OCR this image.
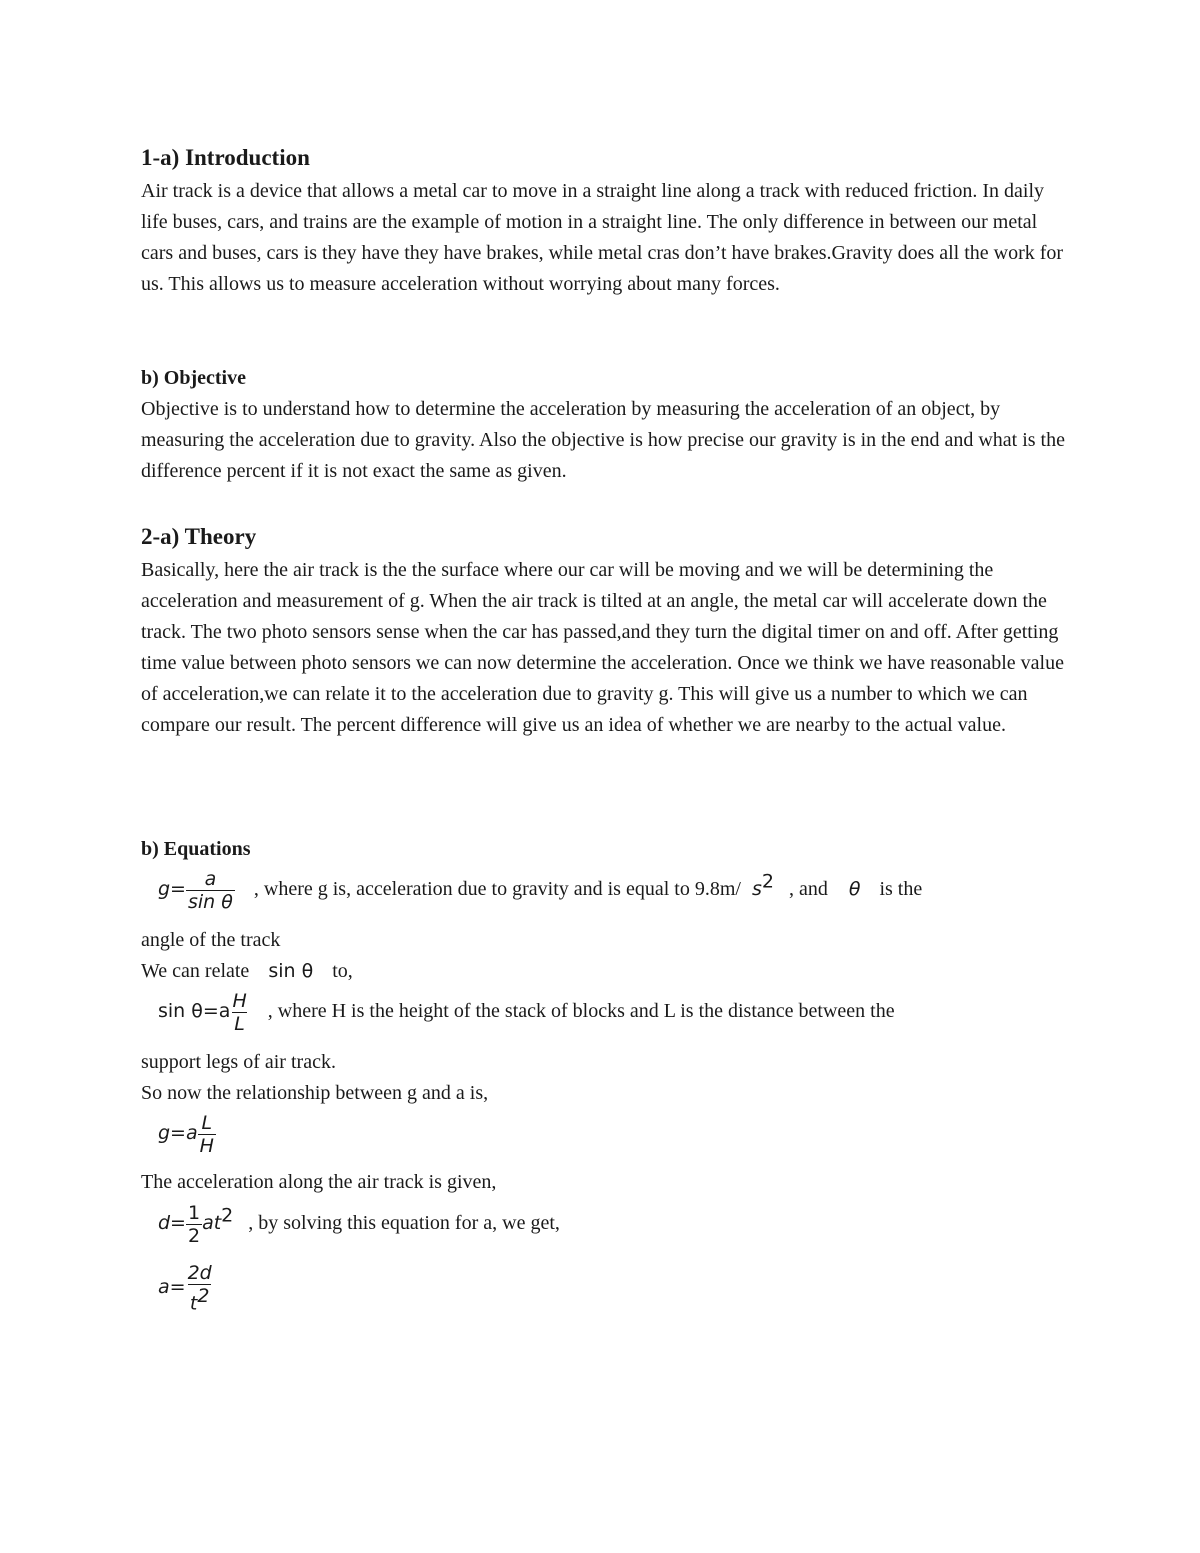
1-a) Introduction
Air track is a device that allows a metal car to move in a straight line along a track with reduced friction. In daily life buses, cars, and trains are the example of motion in a straight line. The only difference in between our metal cars and buses, cars is they have they have brakes, while metal cras don’t have brakes.Gravity does all the work for us. This allows us to measure acceleration without worrying about many forces.
b) Objective
Objective is to understand how to determine the acceleration by measuring the acceleration of an object, by measuring the acceleration due to gravity. Also the objective is how precise our gravity is in the end and what is the difference percent if it is not exact the same as given.
2-a) Theory
Basically, here the air track is the the surface where our car will be moving and we will be determining the acceleration and measurement of g. When the air track is tilted at an angle, the metal car will accelerate down the track. The two photo sensors sense when the car has passed,and they turn the digital timer on and off. After getting time value between photo sensors we can now determine the acceleration. Once we think we have reasonable value of acceleration,we can relate it to the acceleration due to gravity g. This will give us a number to which we can compare our result. The percent difference will give us an idea of whether we are nearby to the actual value.
b) Equations
$g= \frac{a}{\text{sin θ}}$ , where g is, acceleration due to gravity and is equal to 9.8m/ $s^2$ , and θ is the
angle of the track
We can relate sin θ to,
$\sin \theta=a \frac{H}{L}$ , where H is the height of the stack of blocks and L is the distance between the
support legs of air track.
So now the relationship between g and a is,
$g=a \frac{L}{H}$
The acceleration along the air track is given,
$d= \frac{1}{2} at^2$ , by solving this equation for a, we get,
$a= \frac{2d}{t^2}$
